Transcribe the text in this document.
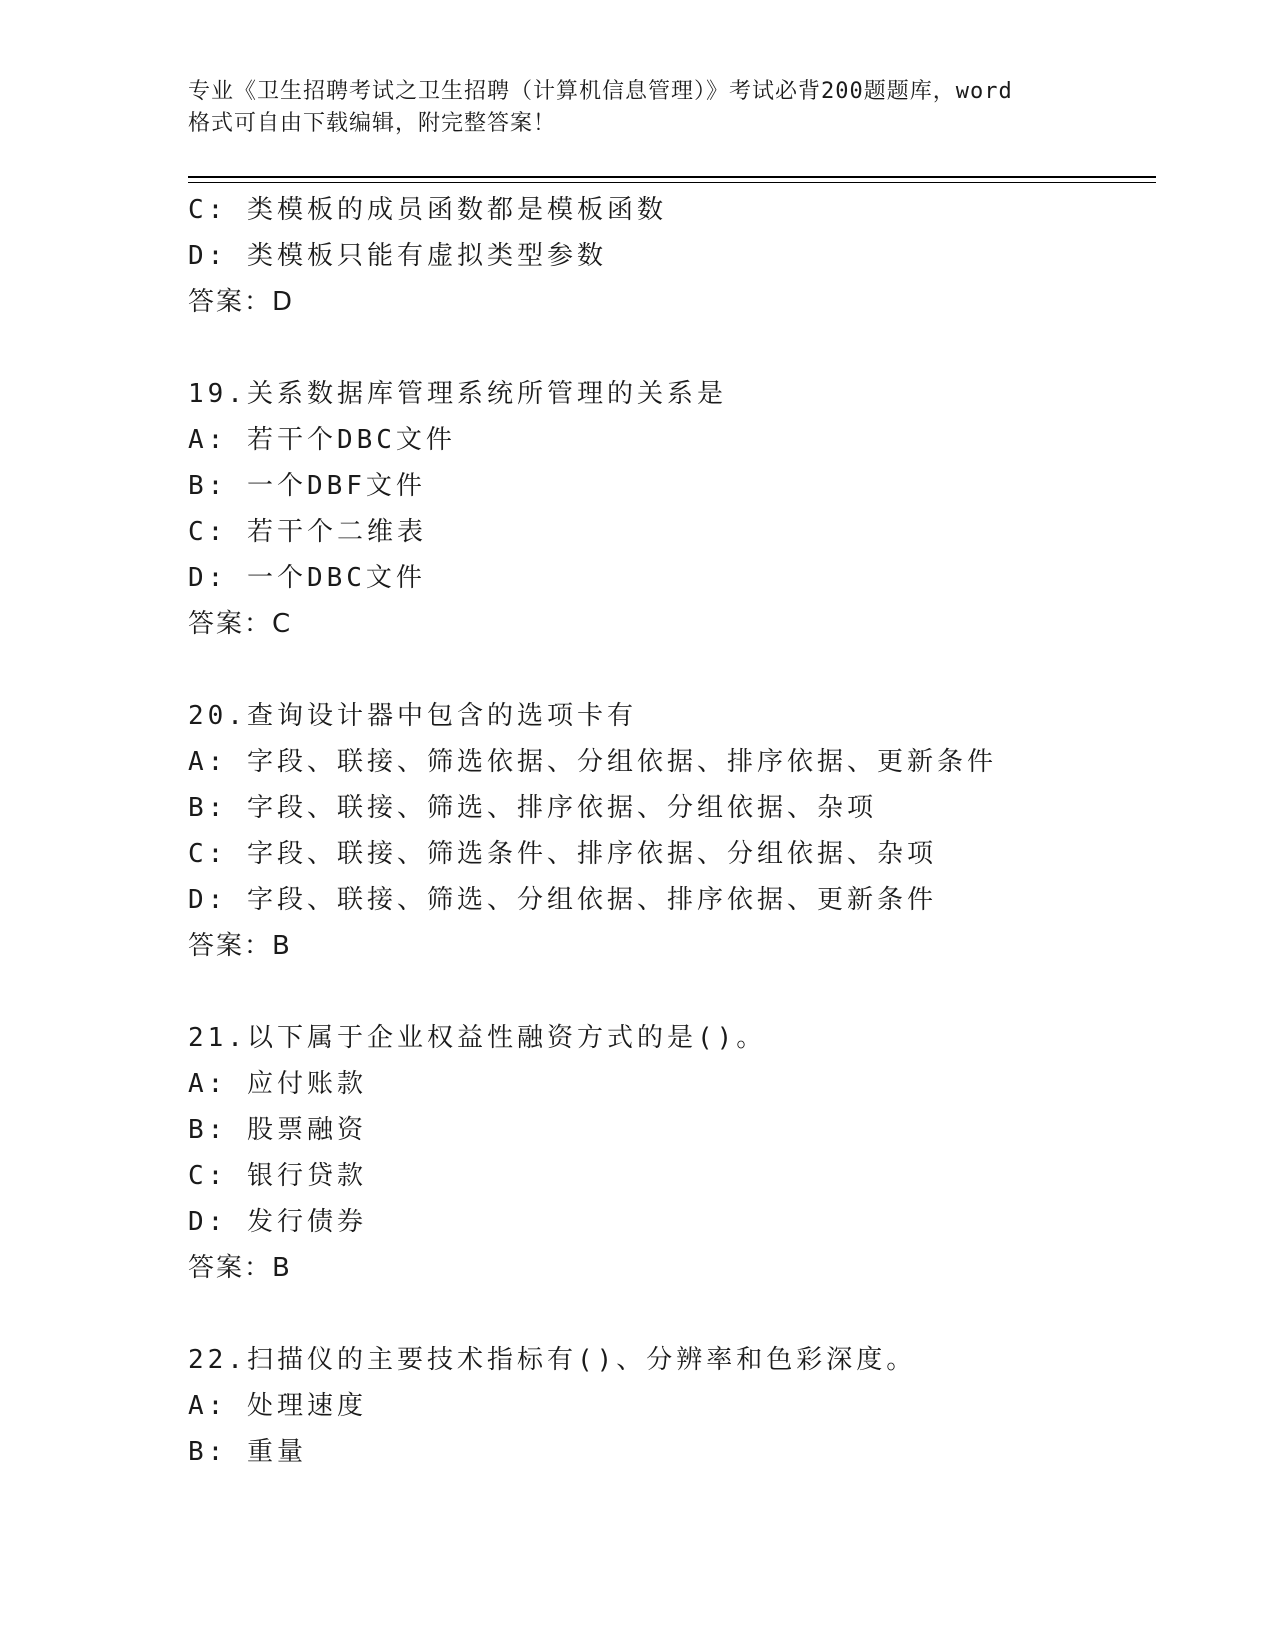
专业《卫生招聘考试之卫生招聘（计算机信息管理）》考试必背200题题库，word
格式可自由下载编辑，附完整答案！
C: 类模板的成员函数都是模板函数
D: 类模板只能有虚拟类型参数
答案：D
19.关系数据库管理系统所管理的关系是
A: 若干个DBC文件
B: 一个DBF文件
C: 若干个二维表
D: 一个DBC文件
答案：C
20.查询设计器中包含的选项卡有
A: 字段、联接、筛选依据、分组依据、排序依据、更新条件
B: 字段、联接、筛选、排序依据、分组依据、杂项
C: 字段、联接、筛选条件、排序依据、分组依据、杂项
D: 字段、联接、筛选、分组依据、排序依据、更新条件
答案：B
21.以下属于企业权益性融资方式的是()。
A: 应付账款
B: 股票融资
C: 银行贷款
D: 发行债券
答案：B
22.扫描仪的主要技术指标有()、分辨率和色彩深度。
A: 处理速度
B: 重量
